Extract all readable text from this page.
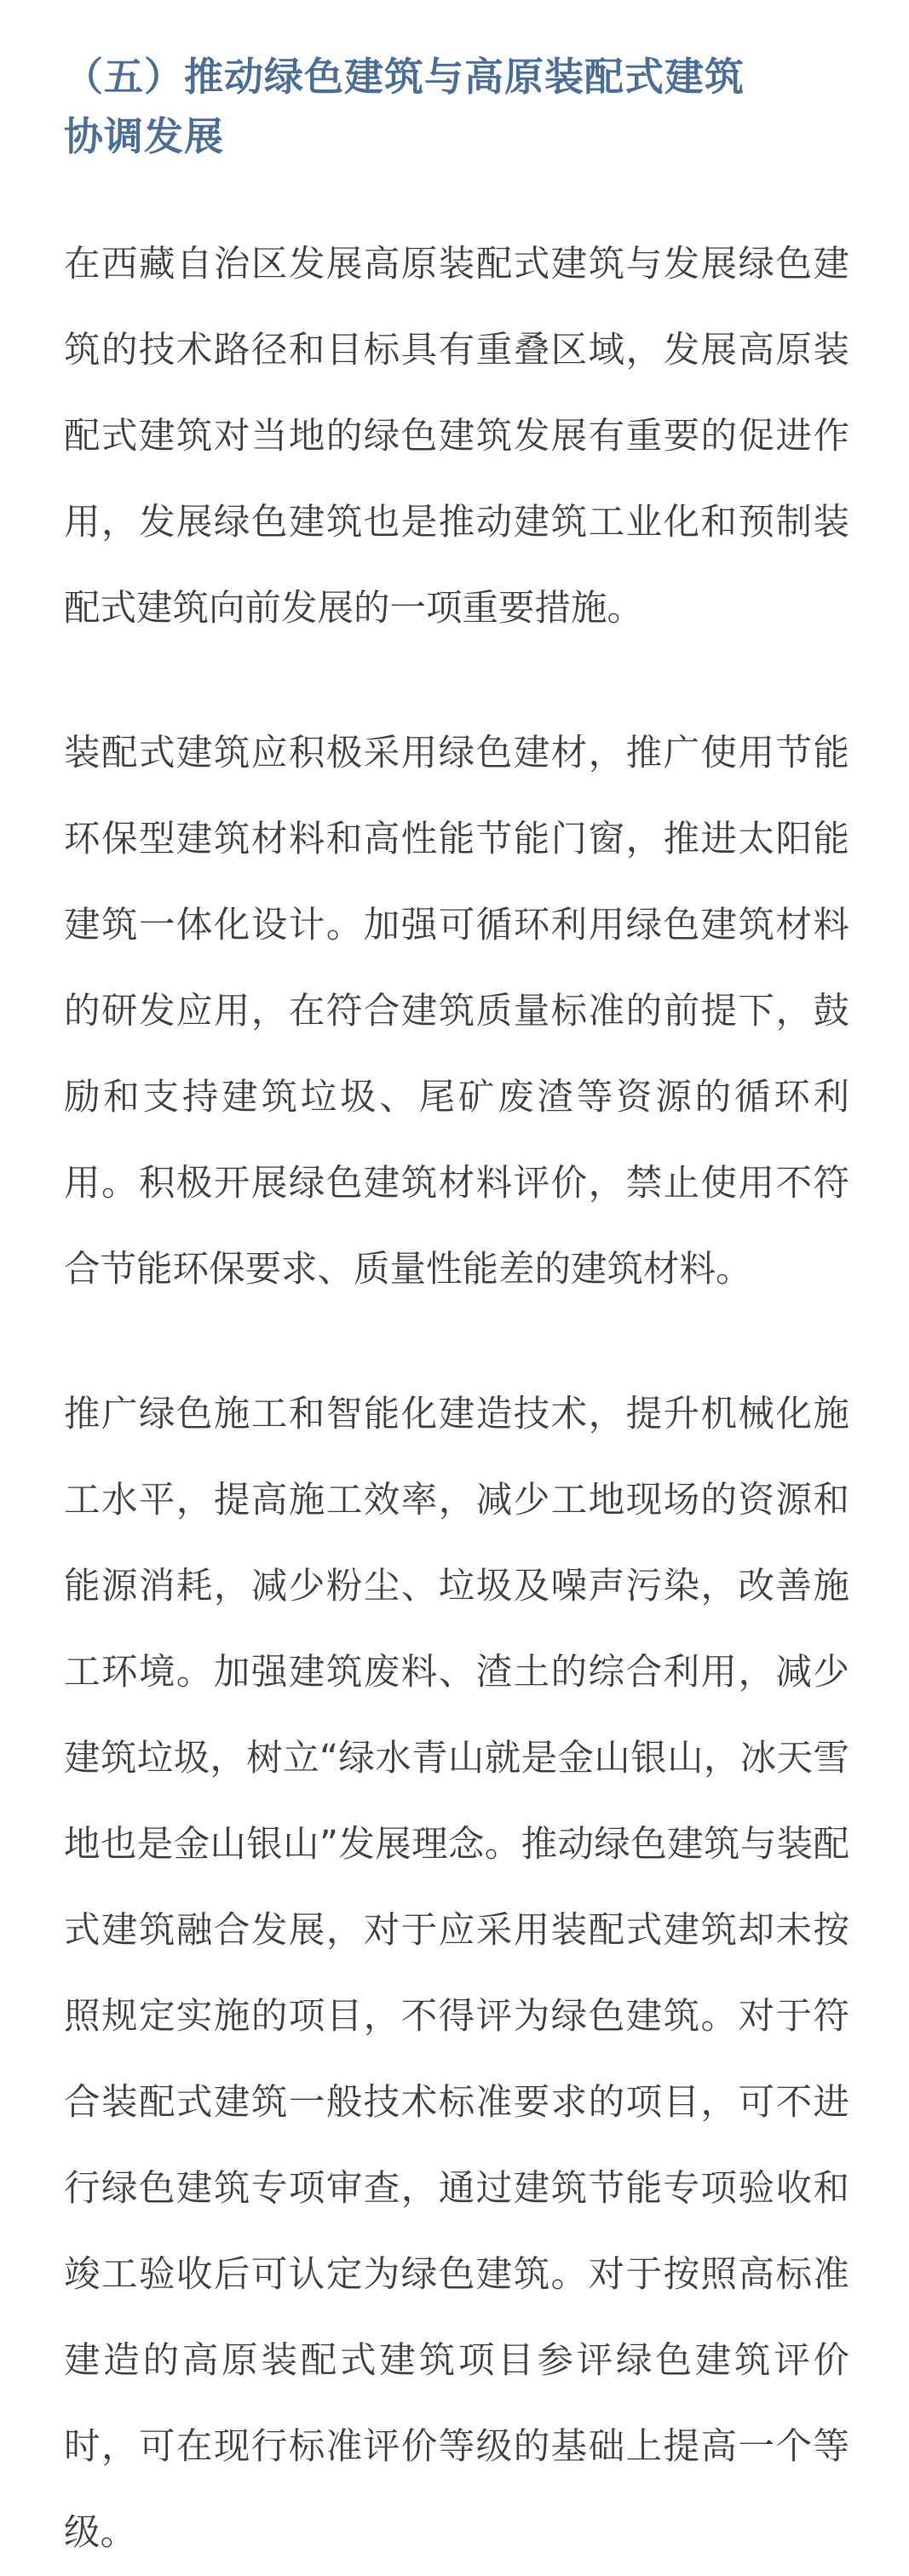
（五）推动绿色建筑与高原装配式建筑
协调发展

在西藏自治区发展高原装配式建筑与发展绿色建筑的技术路径和目标具有重叠区域，发展高原装配式建筑对当地的绿色建筑发展有重要的促进作用，发展绿色建筑也是推动建筑工业化和预制装配式建筑向前发展的一项重要措施。

装配式建筑应积极采用绿色建材，推广使用节能环保型建筑材料和高性能节能门窗，推进太阳能建筑一体化设计。加强可循环利用绿色建筑材料的研发应用，在符合建筑质量标准的前提下，鼓励和支持建筑垃圾、尾矿废渣等资源的循环利用。积极开展绿色建筑材料评价，禁止使用不符合节能环保要求、质量性能差的建筑材料。

推广绿色施工和智能化建造技术，提升机械化施工水平，提高施工效率，减少工地现场的资源和能源消耗，减少粉尘、垃圾及噪声污染，改善施工环境。加强建筑废料、渣土的综合利用，减少建筑垃圾，树立“绿水青山就是金山银山，冰天雪地也是金山银山”发展理念。推动绿色建筑与装配式建筑融合发展，对于应采用装配式建筑却未按照规定实施的项目，不得评为绿色建筑。对于符合装配式建筑一般技术标准要求的项目，可不进行绿色建筑专项审查，通过建筑节能专项验收和竣工验收后可认定为绿色建筑。对于按照高标准建造的高原装配式建筑项目参评绿色建筑评价时，可在现行标准评价等级的基础上提高一个等级。
